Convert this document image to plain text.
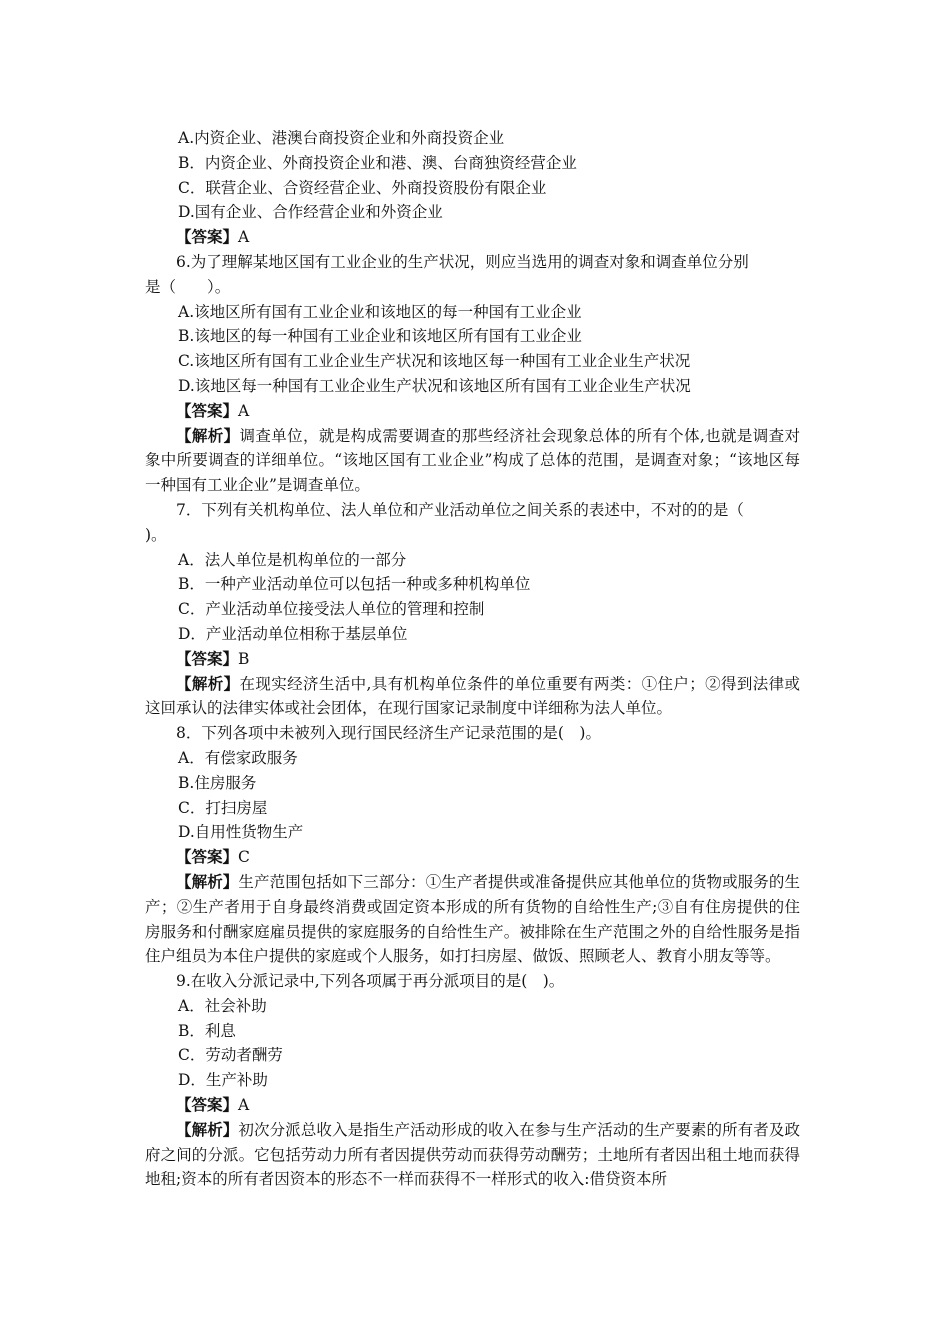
A.内资企业、港澳台商投资企业和外商投资企业
B．内资企业、外商投资企业和港、澳、台商独资经营企业
C．联营企业、合资经营企业、外商投资股份有限企业
D.国有企业、合作经营企业和外资企业
【答案】A
6.为了理解某地区国有工业企业的生产状况，则应当选用的调查对象和调查单位分别
是（　　）。
A.该地区所有国有工业企业和该地区的每一种国有工业企业
B.该地区的每一种国有工业企业和该地区所有国有工业企业
C.该地区所有国有工业企业生产状况和该地区每一种国有工业企业生产状况
D.该地区每一种国有工业企业生产状况和该地区所有国有工业企业生产状况
【答案】A
【解析】调查单位，就是构成需要调查的那些经济社会现象总体的所有个体,也就是调查对象中所要调查的详细单位。“该地区国有工业企业”构成了总体的范围，是调查对象；“该地区每一种国有工业企业”是调查单位。
7．下列有关机构单位、法人单位和产业活动单位之间关系的表述中，不对的的是（
)。
A．法人单位是机构单位的一部分
B．一种产业活动单位可以包括一种或多种机构单位
C．产业活动单位接受法人单位的管理和控制
D．产业活动单位相称于基层单位
【答案】B
【解析】在现实经济生活中,具有机构单位条件的单位重要有两类：①住户；②得到法律或这回承认的法律实体或社会团体，在现行国家记录制度中详细称为法人单位。
8．下列各项中未被列入现行国民经济生产记录范围的是(　)。
A．有偿家政服务
B.住房服务
C．打扫房屋
D.自用性货物生产
【答案】C
【解析】生产范围包括如下三部分：①生产者提供或准备提供应其他单位的货物或服务的生产；②生产者用于自身最终消费或固定资本形成的所有货物的自给性生产;③自有住房提供的住房服务和付酬家庭雇员提供的家庭服务的自给性生产。被排除在生产范围之外的自给性服务是指住户组员为本住户提供的家庭或个人服务，如打扫房屋、做饭、照顾老人、教育小朋友等等。
9.在收入分派记录中,下列各项属于再分派项目的是(　)。
A．社会补助
B．利息
C．劳动者酬劳
D．生产补助
【答案】A
【解析】初次分派总收入是指生产活动形成的收入在参与生产活动的生产要素的所有者及政府之间的分派。它包括劳动力所有者因提供劳动而获得劳动酬劳；土地所有者因出租土地而获得地租;资本的所有者因资本的形态不一样而获得不一样形式的收入:借贷资本所
